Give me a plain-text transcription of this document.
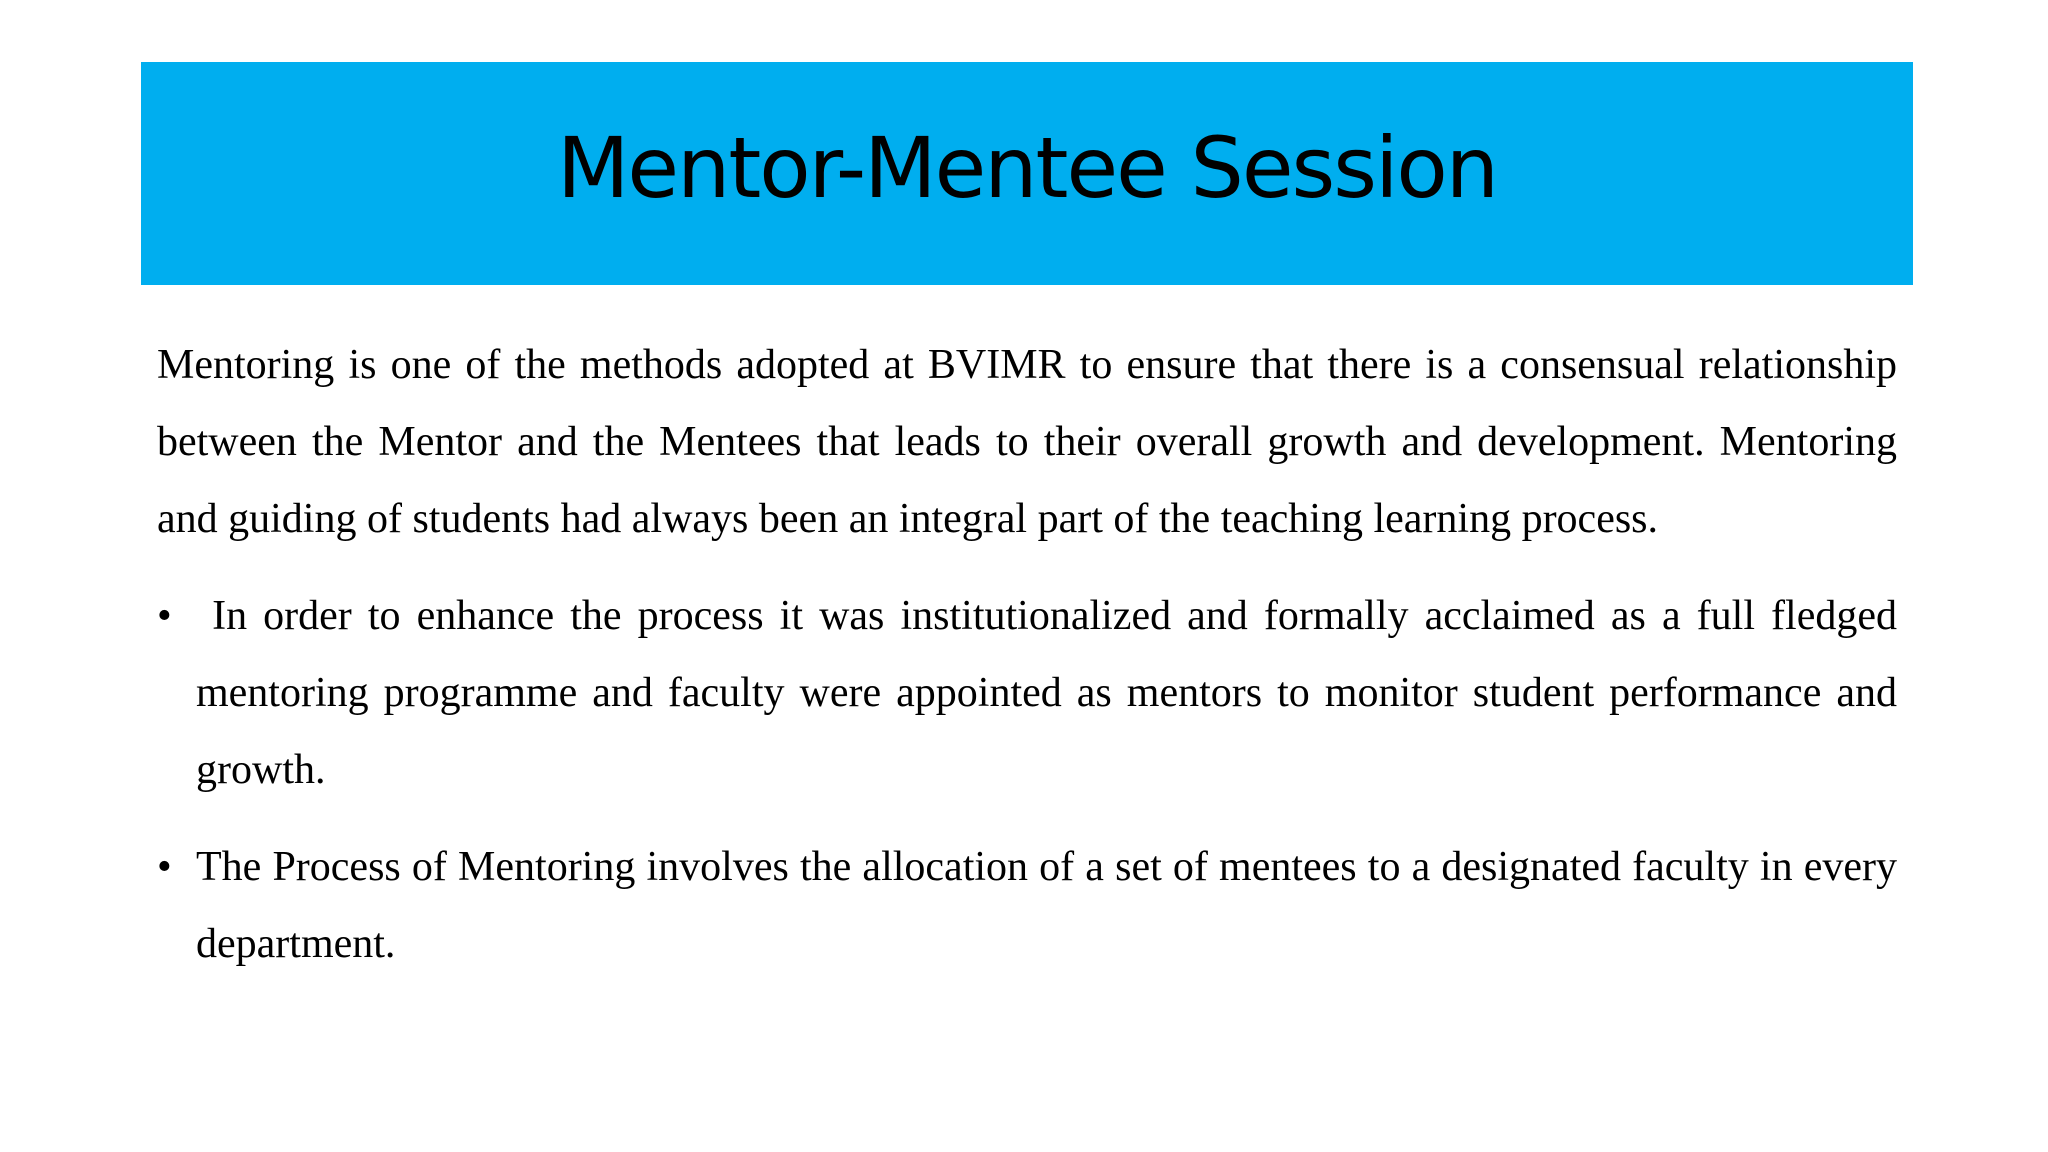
Mentor-Mentee Session

Mentoring is one of the methods adopted at BVIMR to ensure that there is a consensual relationship between the Mentor and the Mentees that leads to their overall growth and development. Mentoring and guiding of students had always been an integral part of the teaching learning process.

• In order to enhance the process it was institutionalized and formally acclaimed as a full fledged mentoring programme and faculty were appointed as mentors to monitor student performance and growth.
• The Process of Mentoring involves the allocation of a set of mentees to a designated faculty in every department.
